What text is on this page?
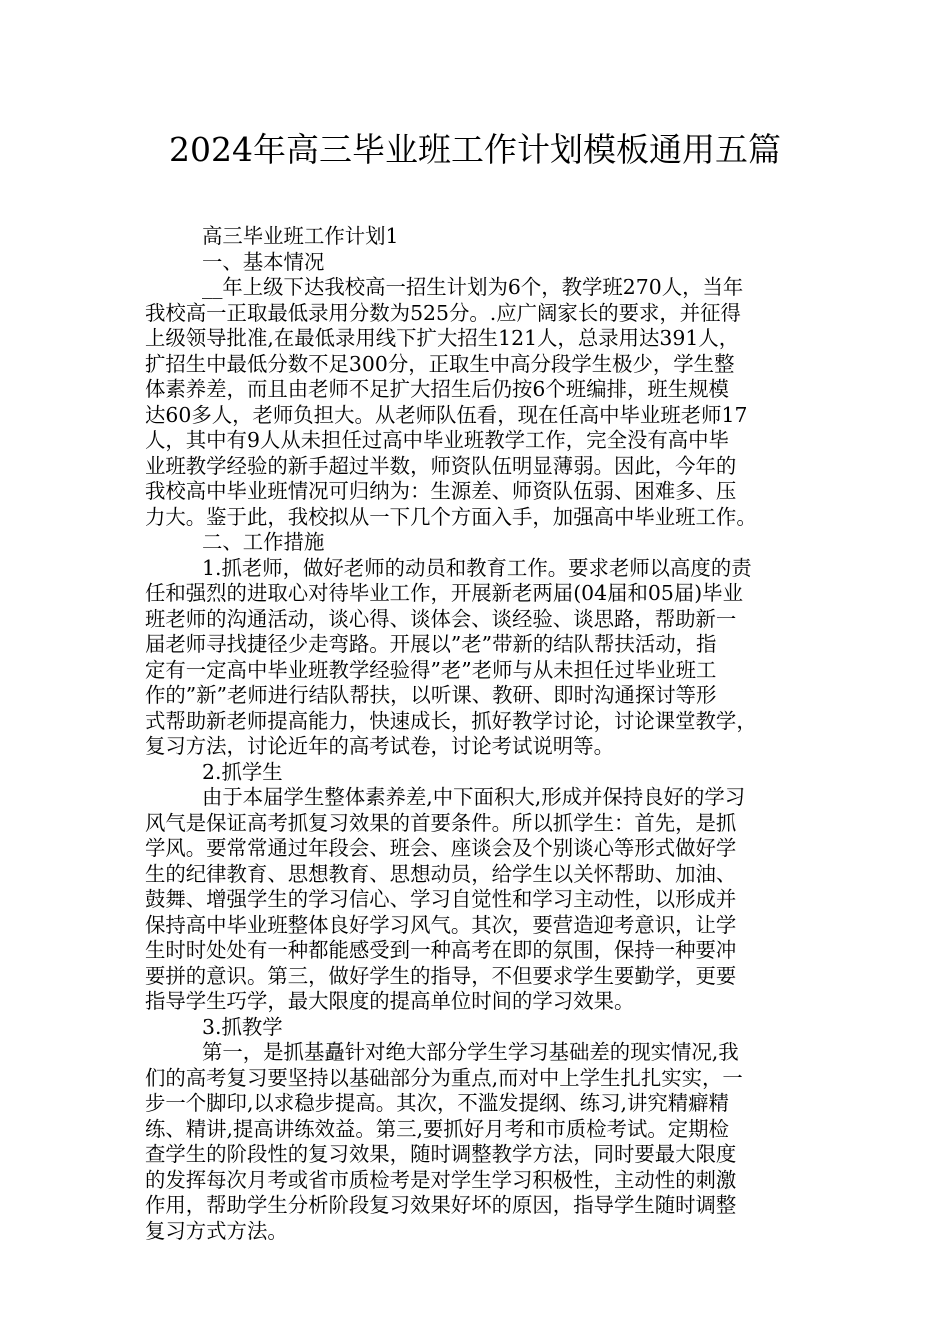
2024年高三毕业班工作计划模板通用五篇
高三毕业班工作计划1
一、基本情况
__年上级下达我校高一招生计划为6个，教学班270人，当年
我校高一正取最低录用分数为525分。.应广阔家长的要求，并征得
上级领导批准,在最低录用线下扩大招生121人，总录用达391人，
扩招生中最低分数不足300分，正取生中高分段学生极少，学生整
体素养差，而且由老师不足扩大招生后仍按6个班编排，班生规模
达60多人，老师负担大。从老师队伍看，现在任高中毕业班老师17
人，其中有9人从未担任过高中毕业班教学工作，完全没有高中毕
业班教学经验的新手超过半数，师资队伍明显薄弱。因此，今年的
我校高中毕业班情况可归纳为：生源差、师资队伍弱、困难多、压
力大。鉴于此，我校拟从一下几个方面入手，加强高中毕业班工作。
二、工作措施
1.抓老师，做好老师的动员和教育工作。要求老师以高度的责
任和强烈的进取心对待毕业工作，开展新老两届(04届和05届)毕业
班老师的沟通活动，谈心得、谈体会、谈经验、谈思路，帮助新一
届老师寻找捷径少走弯路。开展以”老”带新的结队帮扶活动，指
定有一定高中毕业班教学经验得”老”老师与从未担任过毕业班工
作的”新”老师进行结队帮扶，以听课、教研、即时沟通探讨等形
式帮助新老师提高能力，快速成长，抓好教学讨论，讨论课堂教学，
复习方法，讨论近年的高考试卷，讨论考试说明等。
2.抓学生
由于本届学生整体素养差,中下面积大,形成并保持良好的学习
风气是保证高考抓复习效果的首要条件。所以抓学生：首先，是抓
学风。要常常通过年段会、班会、座谈会及个别谈心等形式做好学
生的纪律教育、思想教育、思想动员，给学生以关怀帮助、加油、
鼓舞、增强学生的学习信心、学习自觉性和学习主动性，以形成并
保持高中毕业班整体良好学习风气。其次，要营造迎考意识，让学
生时时处处有一种都能感受到一种高考在即的氛围，保持一种要冲
要拼的意识。第三，做好学生的指导，不但要求学生要勤学，更要
指导学生巧学，最大限度的提高单位时间的学习效果。
3.抓教学
第一，是抓基矗针对绝大部分学生学习基础差的现实情况,我
们的高考复习要坚持以基础部分为重点,而对中上学生扎扎实实，一
步一个脚印,以求稳步提高。其次，不滥发提纲、练习,讲究精癖精
练、精讲,提高讲练效益。第三,要抓好月考和市质检考试。定期检
查学生的阶段性的复习效果，随时调整教学方法，同时要最大限度
的发挥每次月考或省市质检考是对学生学习积极性，主动性的刺激
作用，帮助学生分析阶段复习效果好坏的原因，指导学生随时调整
复习方式方法。
